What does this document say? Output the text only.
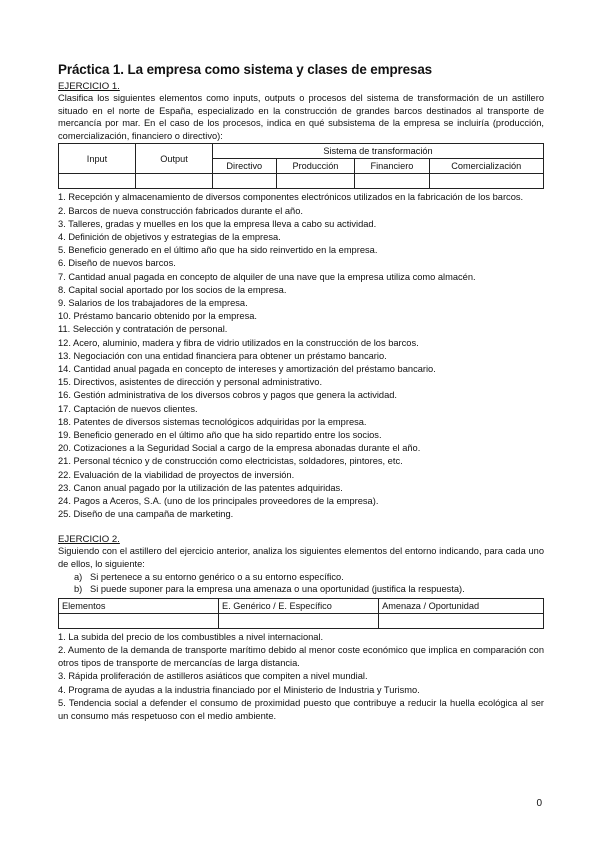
Práctica 1. La empresa como sistema y clases de empresas

EJERCICIO 1.

Clasifica los siguientes elementos como inputs, outputs o procesos del sistema de transformación de un astillero situado en el norte de España, especializado en la construcción de grandes barcos destinados al transporte de mercancía por mar. En el caso de los procesos, indica en qué subsistema de la empresa se incluiría (producción, comercialización, financiero o directivo):

Input	Output	Sistema de transformación			
		Directivo	Producción	Financiero	Comercialización

1. Recepción y almacenamiento de diversos componentes electrónicos utilizados en la fabricación de los barcos.
2. Barcos de nueva construcción fabricados durante el año.
3. Talleres, gradas y muelles en los que la empresa lleva a cabo su actividad.
4. Definición de objetivos y estrategias de la empresa.
5. Beneficio generado en el último año que ha sido reinvertido en la empresa.
6. Diseño de nuevos barcos.
7. Cantidad anual pagada en concepto de alquiler de una nave que la empresa utiliza como almacén.
8. Capital social aportado por los socios de la empresa.
9. Salarios de los trabajadores de la empresa.
10. Préstamo bancario obtenido por la empresa.
11. Selección y contratación de personal.
12. Acero, aluminio, madera y fibra de vidrio utilizados en la construcción de los barcos.
13. Negociación con una entidad financiera para obtener un préstamo bancario.
14. Cantidad anual pagada en concepto de intereses y amortización del préstamo bancario.
15. Directivos, asistentes de dirección y personal administrativo.
16. Gestión administrativa de los diversos cobros y pagos que genera la actividad.
17. Captación de nuevos clientes.
18. Patentes de diversos sistemas tecnológicos adquiridas por la empresa.
19. Beneficio generado en el último año que ha sido repartido entre los socios.
20. Cotizaciones a la Seguridad Social a cargo de la empresa abonadas durante el año.
21. Personal técnico y de construcción como electricistas, soldadores, pintores, etc.
22. Evaluación de la viabilidad de proyectos de inversión.
23. Canon anual pagado por la utilización de las patentes adquiridas.
24. Pagos a Aceros, S.A. (uno de los principales proveedores de la empresa).
25. Diseño de una campaña de marketing.

EJERCICIO 2.

Siguiendo con el astillero del ejercicio anterior, analiza los siguientes elementos del entorno indicando, para cada uno de ellos, lo siguiente:

a) Si pertenece a su entorno genérico o a su entorno específico.
b) Si puede suponer para la empresa una amenaza o una oportunidad (justifica la respuesta).
Elementos	E. Genérico / E. Específico	Amenaza / Oportunidad

1. La subida del precio de los combustibles a nivel internacional.
2. Aumento de la demanda de transporte marítimo debido al menor coste económico que implica en comparación con otros tipos de transporte de mercancías de larga distancia.
3. Rápida proliferación de astilleros asiáticos que compiten a nivel mundial.
4. Programa de ayudas a la industria financiado por el Ministerio de Industria y Turismo.
5. Tendencia social a defender el consumo de proximidad puesto que contribuye a reducir la huella ecológica al ser un consumo más respetuoso con el medio ambiente.
0
